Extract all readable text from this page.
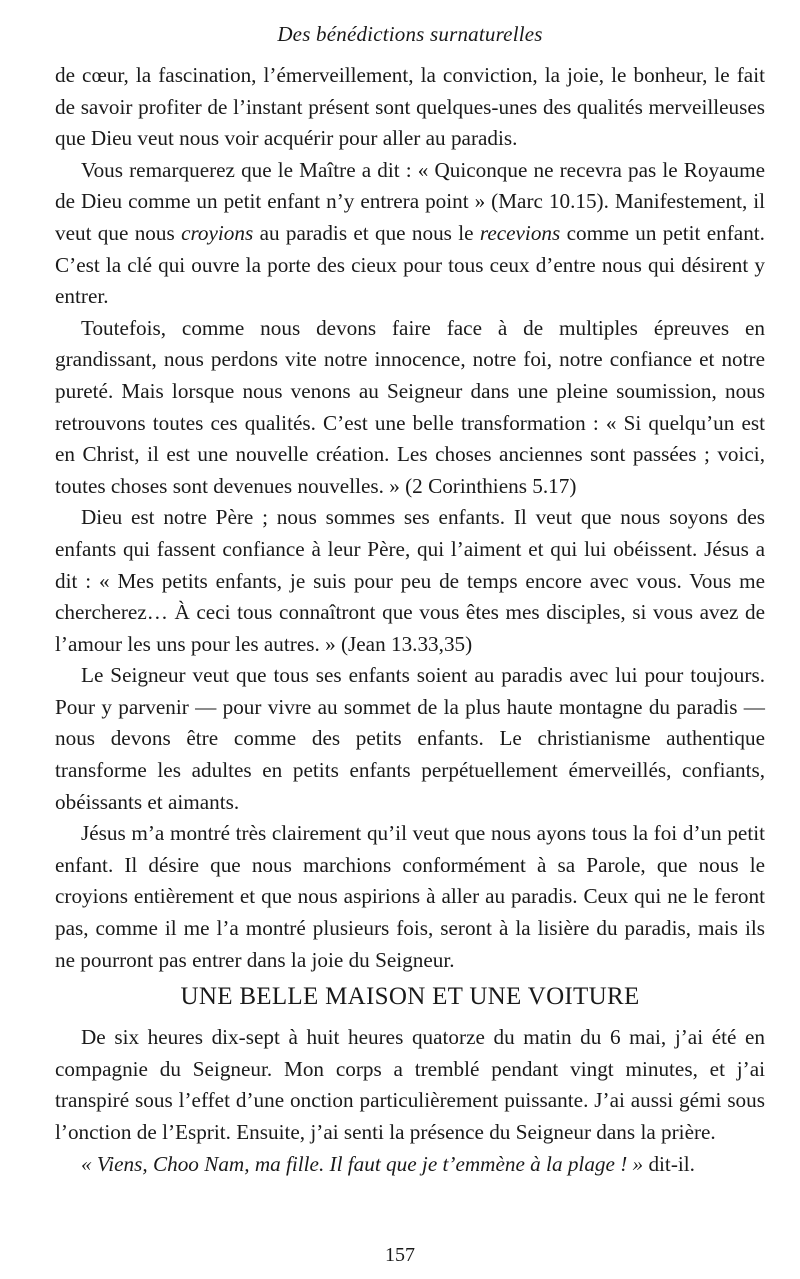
Des bénédictions surnaturelles

de cœur, la fascination, l’émerveillement, la conviction, la joie, le bonheur, le fait de savoir profiter de l’instant présent sont quelques-unes des qualités merveilleuses que Dieu veut nous voir acquérir pour aller au paradis.

Vous remarquerez que le Maître a dit : « Quiconque ne recevra pas le Royaume de Dieu comme un petit enfant n’y entrera point » (Marc 10.15). Manifestement, il veut que nous croyions au paradis et que nous le recevions comme un petit enfant. C’est la clé qui ouvre la porte des cieux pour tous ceux d’entre nous qui désirent y entrer.

Toutefois, comme nous devons faire face à de multiples épreuves en grandissant, nous perdons vite notre innocence, notre foi, notre confiance et notre pureté. Mais lorsque nous venons au Seigneur dans une pleine soumission, nous retrouvons toutes ces qualités. C’est une belle transformation : « Si quelqu’un est en Christ, il est une nouvelle création. Les choses anciennes sont passées ; voici, toutes choses sont devenues nouvelles. » (2 Corinthiens 5.17)

Dieu est notre Père ; nous sommes ses enfants. Il veut que nous soyons des enfants qui fassent confiance à leur Père, qui l’aiment et qui lui obéissent. Jésus a dit : « Mes petits enfants, je suis pour peu de temps encore avec vous. Vous me chercherez… À ceci tous connaîtront que vous êtes mes disciples, si vous avez de l’amour les uns pour les autres. » (Jean 13.33,35)

Le Seigneur veut que tous ses enfants soient au paradis avec lui pour toujours. Pour y parvenir — pour vivre au sommet de la plus haute montagne du paradis — nous devons être comme des petits enfants. Le christianisme authentique transforme les adultes en petits enfants perpétuellement émerveillés, confiants, obéissants et aimants.

Jésus m’a montré très clairement qu’il veut que nous ayons tous la foi d’un petit enfant. Il désire que nous marchions conformément à sa Parole, que nous le croyions entièrement et que nous aspirions à aller au paradis. Ceux qui ne le feront pas, comme il me l’a montré plusieurs fois, seront à la lisière du paradis, mais ils ne pourront pas entrer dans la joie du Seigneur.

UNE BELLE MAISON ET UNE VOITURE

De six heures dix-sept à huit heures quatorze du matin du 6 mai, j’ai été en compagnie du Seigneur. Mon corps a tremblé pendant vingt minutes, et j’ai transpiré sous l’effet d’une onction particulièrement puissante. J’ai aussi gémi sous l’onction de l’Esprit. Ensuite, j’ai senti la présence du Seigneur dans la prière.

« Viens, Choo Nam, ma fille. Il faut que je t’emmène à la plage ! » dit-il.

157
